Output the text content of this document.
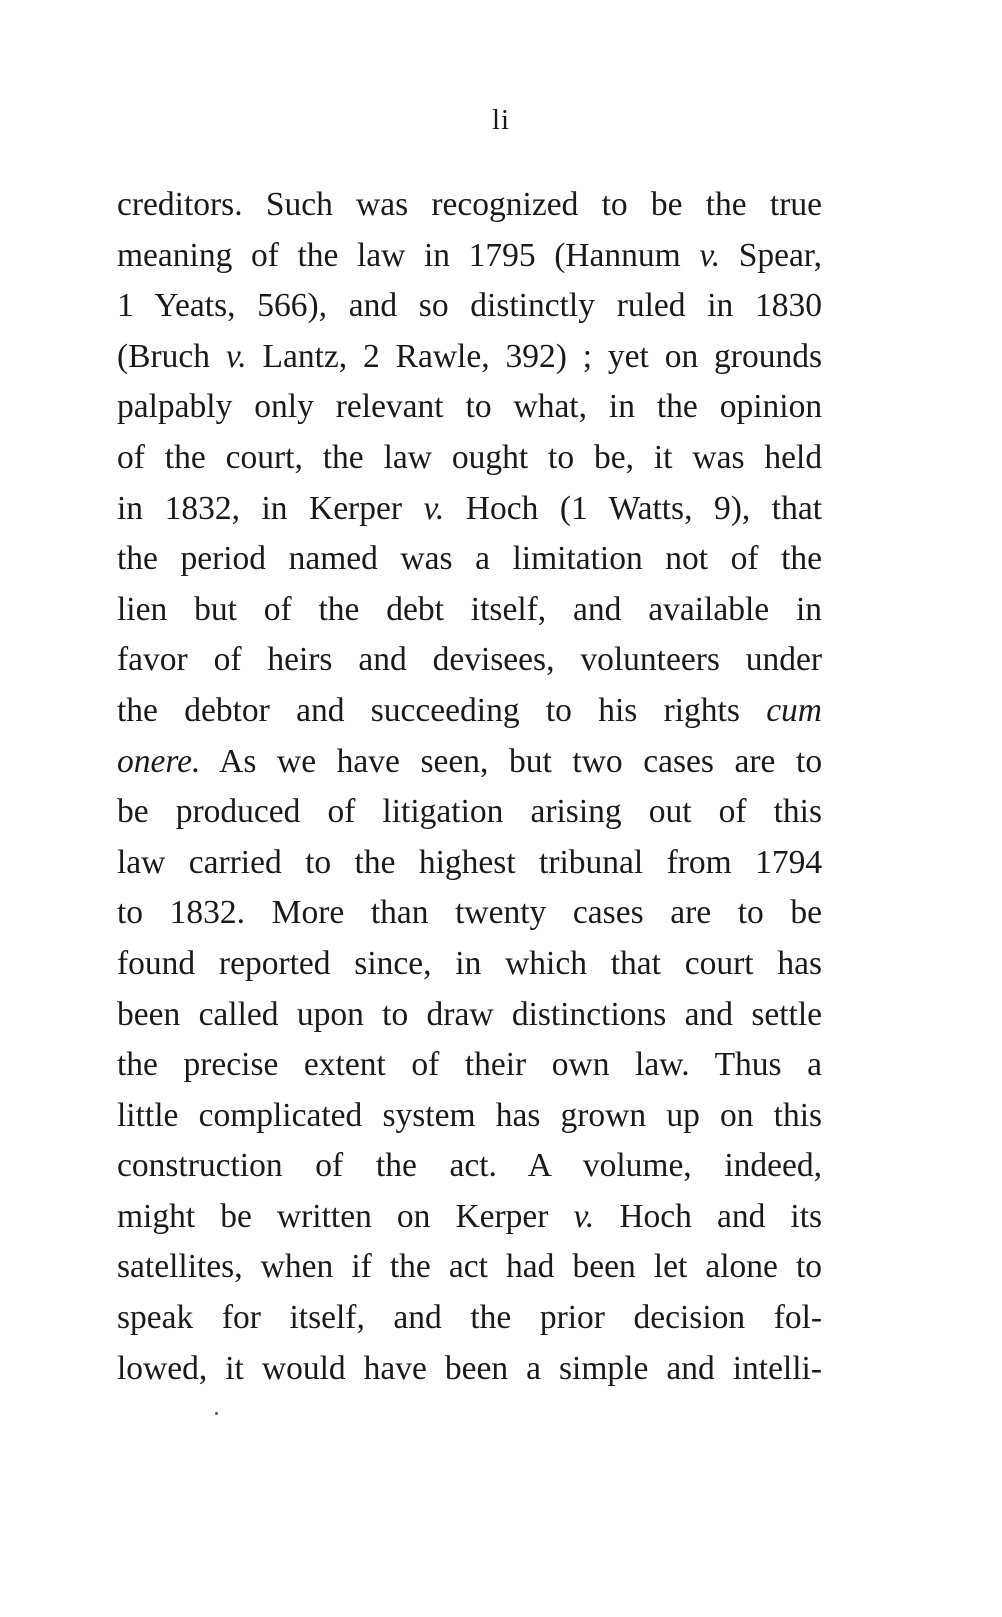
li
creditors. Such was recognized to be the true
meaning of the law in 1795 (Hannum v. Spear,
1 Yeats, 566), and so distinctly ruled in 1830
(Bruch v. Lantz, 2 Rawle, 392) ; yet on grounds
palpably only relevant to what, in the opinion
of the court, the law ought to be, it was held
in 1832, in Kerper v. Hoch (1 Watts, 9), that
the period named was a limitation not of the
lien but of the debt itself, and available in
favor of heirs and devisees, volunteers under
the debtor and succeeding to his rights cum
onere. As we have seen, but two cases are to
be produced of litigation arising out of this
law carried to the highest tribunal from 1794
to 1832. More than twenty cases are to be
found reported since, in which that court has
been called upon to draw distinctions and settle
the precise extent of their own law. Thus a
little complicated system has grown up on this
construction of the act. A volume, indeed,
might be written on Kerper v. Hoch and its
satellites, when if the act had been let alone to
speak for itself, and the prior decision fol-
lowed, it would have been a simple and intelli-
